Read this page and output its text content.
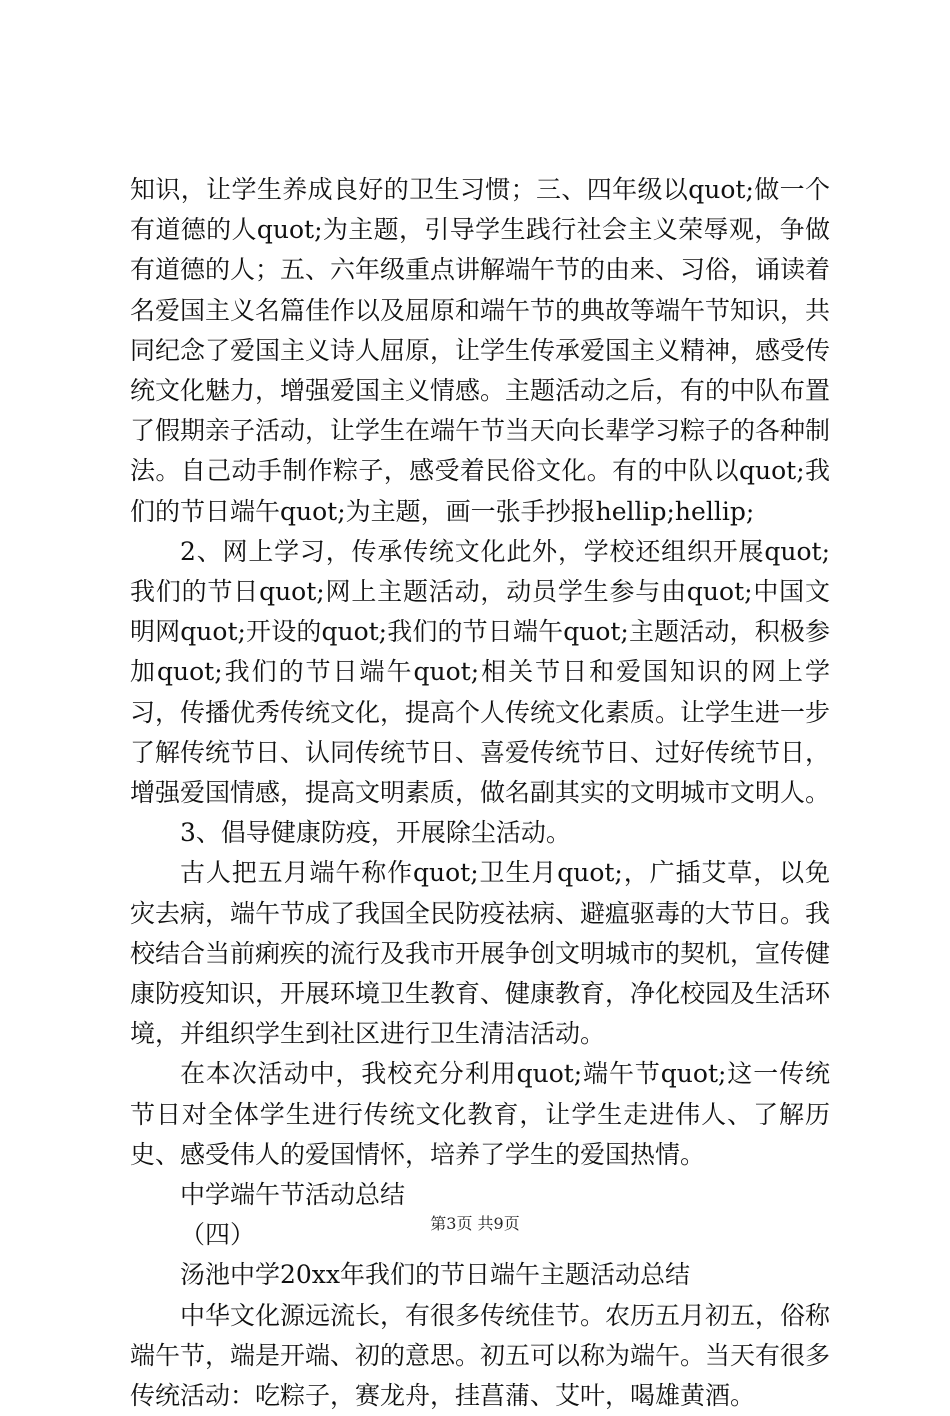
知识，让学生养成良好的卫生习惯；三、四年级以quot;做一个有道德的人quot;为主题，引导学生践行社会主义荣辱观，争做有道德的人；五、六年级重点讲解端午节的由来、习俗，诵读着名爱国主义名篇佳作以及屈原和端午节的典故等端午节知识，共同纪念了爱国主义诗人屈原，让学生传承爱国主义精神，感受传统文化魅力，增强爱国主义情感。主题活动之后，有的中队布置了假期亲子活动，让学生在端午节当天向长辈学习粽子的各种制法。自己动手制作粽子，感受着民俗文化。有的中队以quot;我们的节日端午quot;为主题，画一张手抄报hellip;hellip;

2、网上学习，传承传统文化此外，学校还组织开展quot;我们的节日quot;网上主题活动，动员学生参与由quot;中国文明网quot;开设的quot;我们的节日端午quot;主题活动，积极参加quot;我们的节日端午quot;相关节日和爱国知识的网上学习，传播优秀传统文化，提高个人传统文化素质。让学生进一步了解传统节日、认同传统节日、喜爱传统节日、过好传统节日，增强爱国情感，提高文明素质，做名副其实的文明城市文明人。

3、倡导健康防疫，开展除尘活动。

古人把五月端午称作quot;卫生月quot;，广插艾草，以免灾去病，端午节成了我国全民防疫祛病、避瘟驱毒的大节日。我校结合当前痢疾的流行及我市开展争创文明城市的契机，宣传健康防疫知识，开展环境卫生教育、健康教育，净化校园及生活环境，并组织学生到社区进行卫生清洁活动。

在本次活动中，我校充分利用quot;端午节quot;这一传统节日对全体学生进行传统文化教育，让学生走进伟人、了解历史、感受伟人的爱国情怀，培养了学生的爱国热情。

中学端午节活动总结

（四）

汤池中学20xx年我们的节日端午主题活动总结

中华文化源远流长，有很多传统佳节。农历五月初五，俗称端午节，端是开端、初的意思。初五可以称为端午。当天有很多传统活动：吃粽子，赛龙舟，挂菖蒲、艾叶，喝雄黄酒。

第3页 共9页
